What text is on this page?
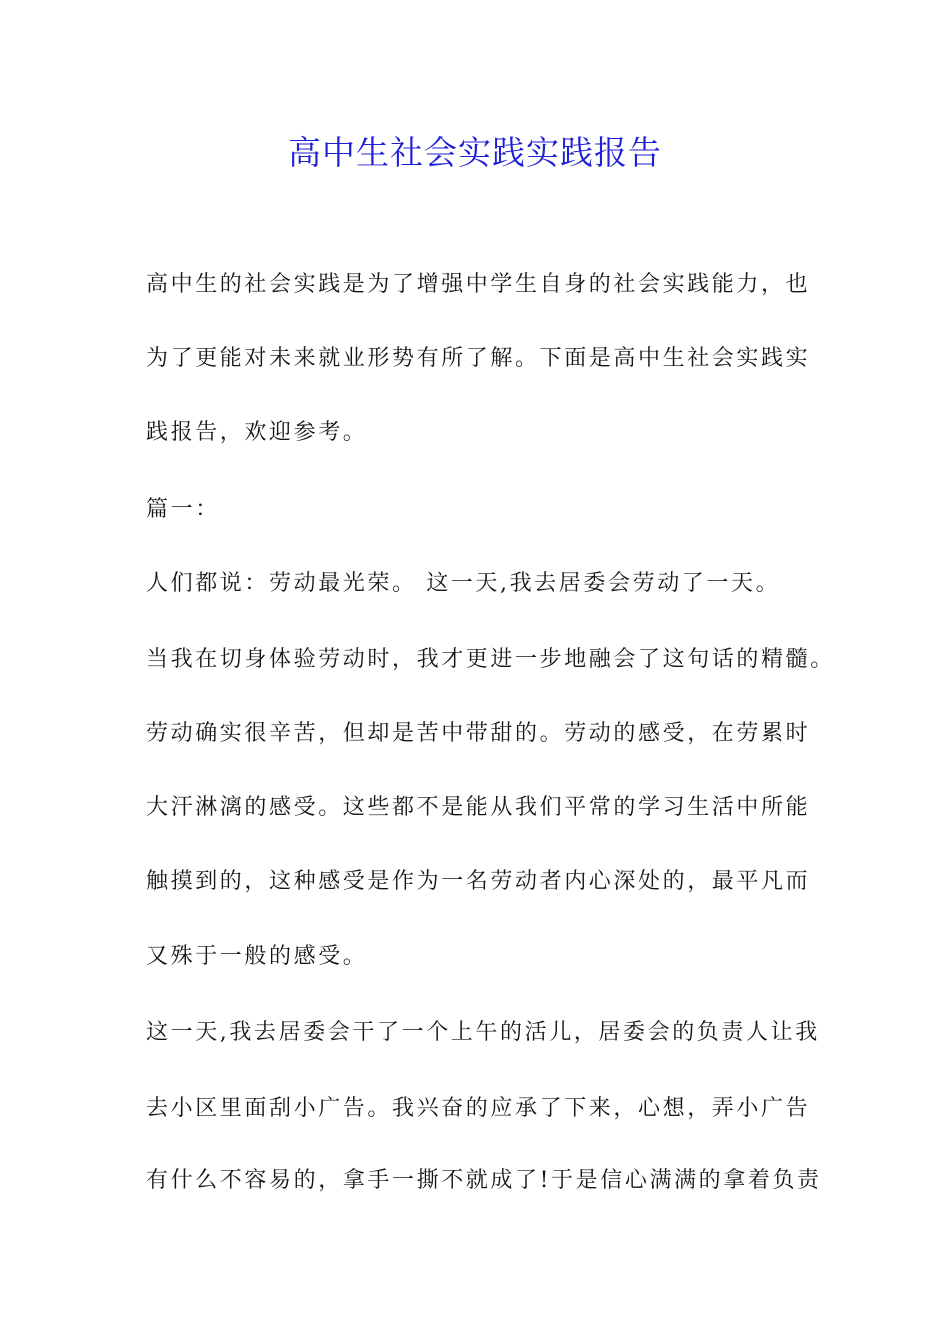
高中生社会实践实践报告
高中生的社会实践是为了增强中学生自身的社会实践能力，也
为了更能对未来就业形势有所了解。下面是高中生社会实践实
践报告，欢迎参考。
篇一：
人们都说：劳动最光荣。 这一天,我去居委会劳动了一天。
当我在切身体验劳动时，我才更进一步地融会了这句话的精髓。
劳动确实很辛苦，但却是苦中带甜的。劳动的感受，在劳累时
大汗淋漓的感受。这些都不是能从我们平常的学习生活中所能
触摸到的，这种感受是作为一名劳动者内心深处的，最平凡而
又殊于一般的感受。
这一天,我去居委会干了一个上午的活儿，居委会的负责人让我
去小区里面刮小广告。我兴奋的应承了下来，心想，弄小广告
有什么不容易的，拿手一撕不就成了!于是信心满满的拿着负责
